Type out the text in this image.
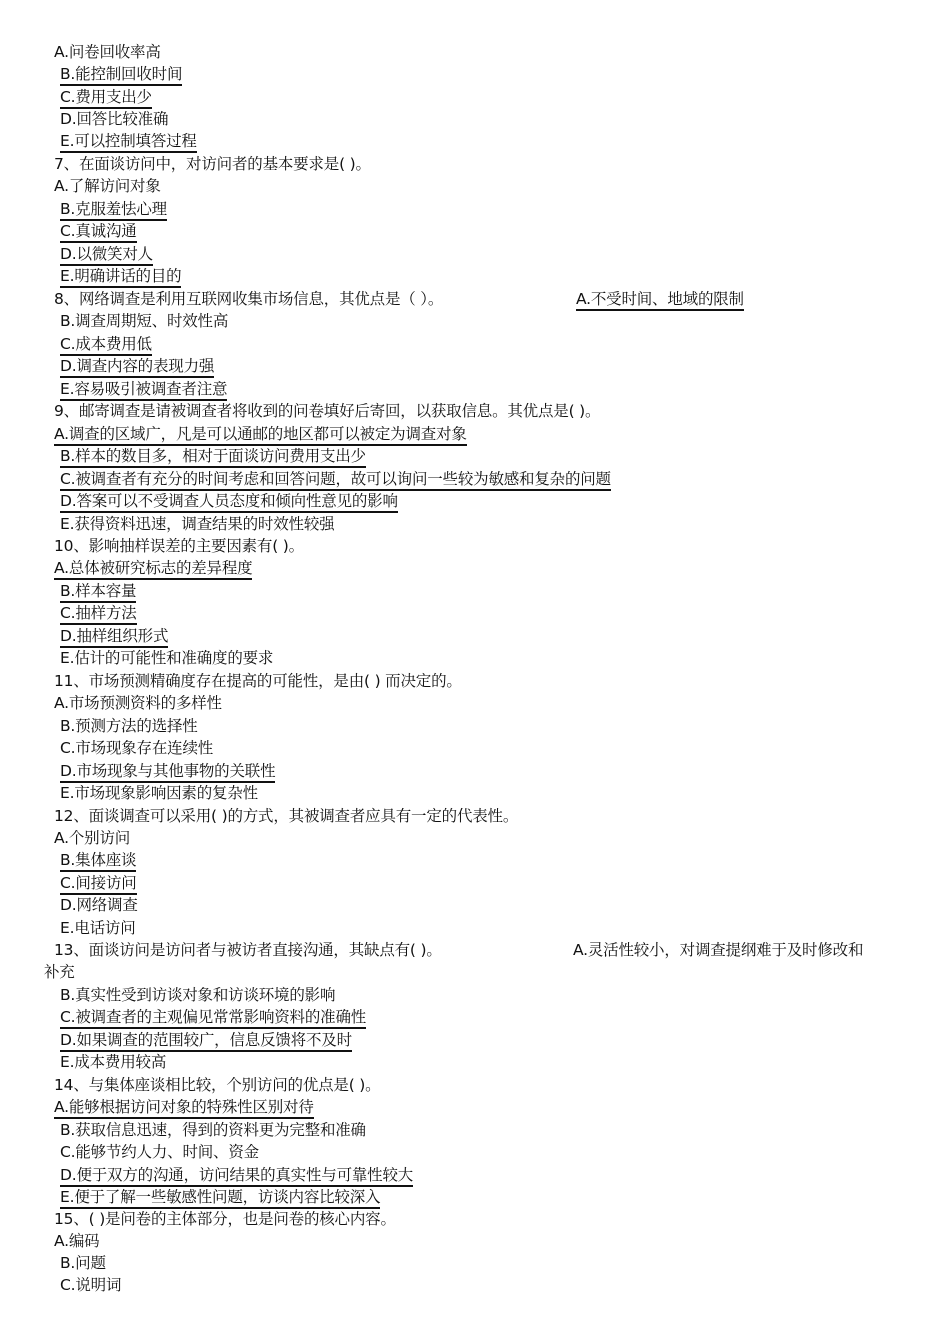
A.问卷回收率高
B.能控制回收时间
C.费用支出少
D.回答比较准确
E.可以控制填答过程
7、在面谈访问中，对访问者的基本要求是( )。
A.了解访问对象
B.克服羞怯心理
C.真诚沟通
D.以微笑对人
E.明确讲话的目的
8、网络调查是利用互联网收集市场信息，其优点是（ ）。	A.不受时间、地域的限制
B.调查周期短、时效性高
C.成本费用低
D.调查内容的表现力强
E.容易吸引被调查者注意
9、邮寄调查是请被调查者将收到的问卷填好后寄回，以获取信息。其优点是( )。
A.调查的区域广，凡是可以通邮的地区都可以被定为调查对象
B.样本的数目多，相对于面谈访问费用支出少
C.被调查者有充分的时间考虑和回答问题，故可以询问一些较为敏感和复杂的问题
D.答案可以不受调查人员态度和倾向性意见的影响
E.获得资料迅速，调查结果的时效性较强
10、影响抽样误差的主要因素有( )。
A.总体被研究标志的差异程度
B.样本容量
C.抽样方法
D.抽样组织形式
E.估计的可能性和准确度的要求
11、市场预测精确度存在提高的可能性，是由( ) 而决定的。
A.市场预测资料的多样性
B.预测方法的选择性
C.市场现象存在连续性
D.市场现象与其他事物的关联性
E.市场现象影响因素的复杂性
12、面谈调查可以采用( )的方式，其被调查者应具有一定的代表性。
A.个别访问
B.集体座谈
C.间接访问
D.网络调查
E.电话访问
13、面谈访问是访问者与被访者直接沟通，其缺点有( )。	A.灵活性较小，对调查提纲难于及时修改和
补充
B.真实性受到访谈对象和访谈环境的影响
C.被调查者的主观偏见常常影响资料的准确性
D.如果调查的范围较广，信息反馈将不及时
E.成本费用较高
14、与集体座谈相比较，个别访问的优点是( )。
A.能够根据访问对象的特殊性区别对待
B.获取信息迅速，得到的资料更为完整和准确
C.能够节约人力、时间、资金
D.便于双方的沟通，访问结果的真实性与可靠性较大
E.便于了解一些敏感性问题，访谈内容比较深入
15、( )是问卷的主体部分，也是问卷的核心内容。
A.编码
B.问题
C.说明词
